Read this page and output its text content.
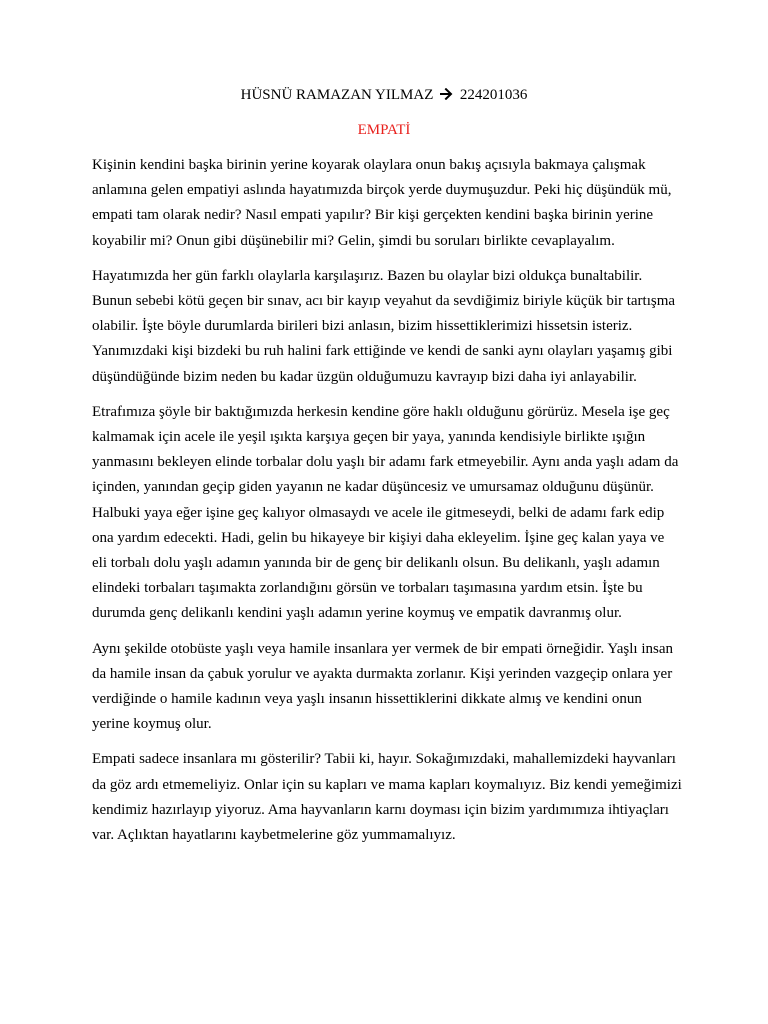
HÜSNÜ RAMAZAN YILMAZ 224201036
EMPATİ

Kişinin kendini başka birinin yerine koyarak olaylara onun bakış açısıyla bakmaya çalışmak anlamına gelen empatiyi aslında hayatımızda birçok yerde duymuşuzdur. Peki hiç düşündük mü, empati tam olarak nedir? Nasıl empati yapılır? Bir kişi gerçekten kendini başka birinin yerine koyabilir mi? Onun gibi düşünebilir mi? Gelin, şimdi bu soruları birlikte cevaplayalım.

Hayatımızda her gün farklı olaylarla karşılaşırız. Bazen bu olaylar bizi oldukça bunaltabilir. Bunun sebebi kötü geçen bir sınav, acı bir kayıp veyahut da sevdiğimiz biriyle küçük bir tartışma olabilir. İşte böyle durumlarda birileri bizi anlasın, bizim hissettiklerimizi hissetsin isteriz. Yanımızdaki kişi bizdeki bu ruh halini fark ettiğinde ve kendi de sanki aynı olayları yaşamış gibi düşündüğünde bizim neden bu kadar üzgün olduğumuzu kavrayıp bizi daha iyi anlayabilir.

Etrafımıza şöyle bir baktığımızda herkesin kendine göre haklı olduğunu görürüz. Mesela işe geç kalmamak için acele ile yeşil ışıkta karşıya geçen bir yaya, yanında kendisiyle birlikte ışığın yanmasını bekleyen elinde torbalar dolu yaşlı bir adamı fark etmeyebilir. Aynı anda yaşlı adam da içinden, yanından geçip giden yayanın ne kadar düşüncesiz ve umursamaz olduğunu düşünür. Halbuki yaya eğer işine geç kalıyor olmasaydı ve acele ile gitmeseydi, belki de adamı fark edip ona yardım edecekti. Hadi, gelin bu hikayeye bir kişiyi daha ekleyelim. İşine geç kalan yaya ve eli torbalı dolu yaşlı adamın yanında bir de genç bir delikanlı olsun. Bu delikanlı, yaşlı adamın elindeki torbaları taşımakta zorlandığını görsün ve torbaları taşımasına yardım etsin. İşte bu durumda genç delikanlı kendini yaşlı adamın yerine koymuş ve empatik davranmış olur.

Aynı şekilde otobüste yaşlı veya hamile insanlara yer vermek de bir empati örneğidir. Yaşlı insan da hamile insan da çabuk yorulur ve ayakta durmakta zorlanır. Kişi yerinden vazgeçip onlara yer verdiğinde o hamile kadının veya yaşlı insanın hissettiklerini dikkate almış ve kendini onun yerine koymuş olur.

Empati sadece insanlara mı gösterilir? Tabii ki, hayır. Sokağımızdaki, mahallemizdeki hayvanları da göz ardı etmemeliyiz. Onlar için su kapları ve mama kapları koymalıyız. Biz kendi yemeğimizi kendimiz hazırlayıp yiyoruz. Ama hayvanların karnı doyması için bizim yardımımıza ihtiyaçları var. Açlıktan hayatlarını kaybetmelerine göz yummamalıyız.
